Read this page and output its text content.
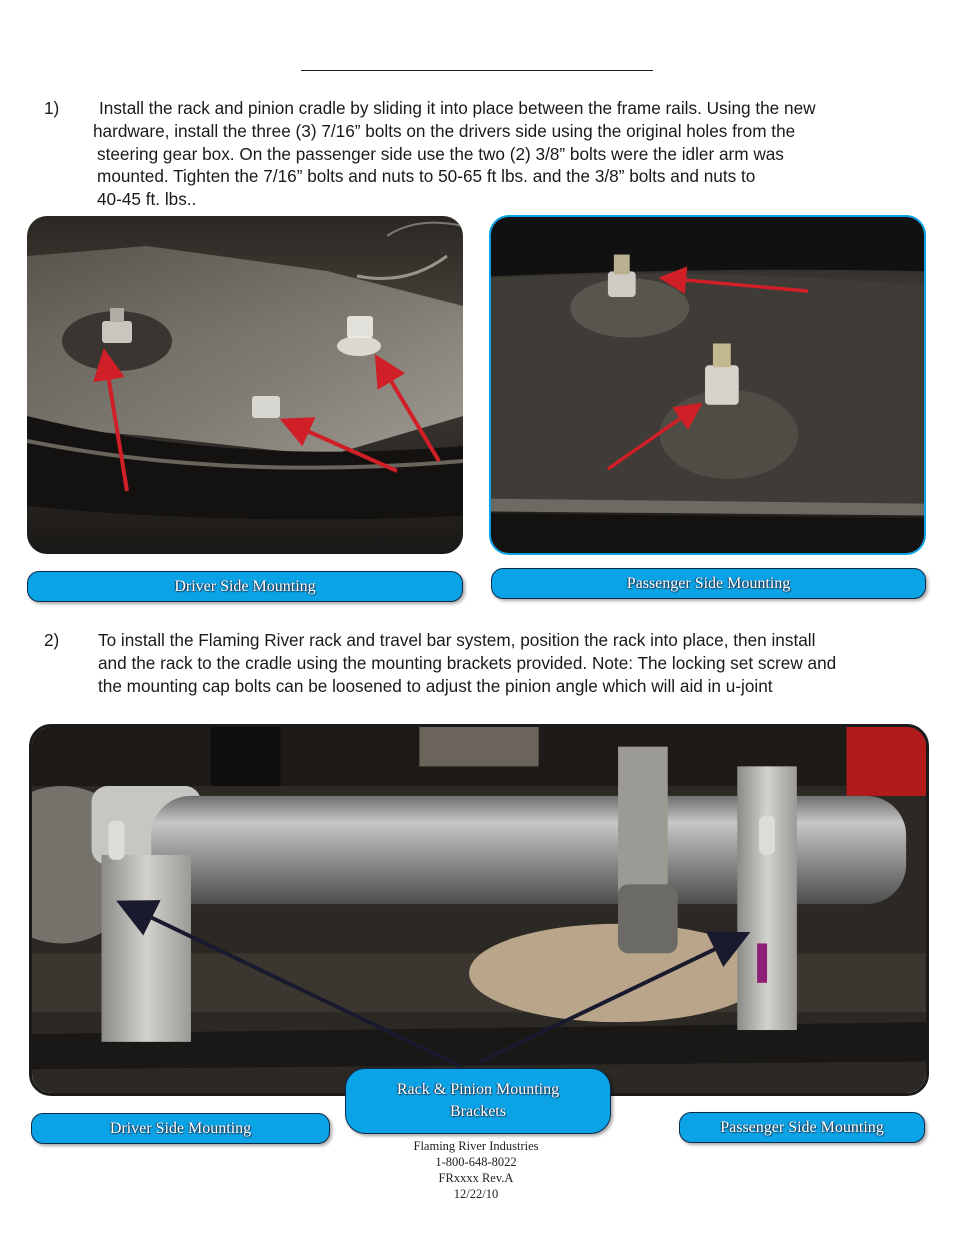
1) Install the rack and pinion cradle by sliding it into place between the frame rails. Using the new
hardware, install the three (3) 7/16” bolts on the drivers side using the original holes from the
steering gear box. On the passenger side use the two (2) 3/8” bolts were the idler arm was
mounted. Tighten the 7/16” bolts and nuts to 50-65 ft lbs. and the 3/8” bolts and nuts to
40-45 ft. lbs..
Driver Side Mounting	Passenger Side Mounting
2) To install the Flaming River rack and travel bar system, position the rack into place, then install
and the rack to the cradle using the mounting brackets provided. Note: The locking set screw and
the mounting cap bolts can be loosened to adjust the pinion angle which will aid in u-joint
Driver Side Mounting
Rack & Pinion Mounting Brackets
Passenger Side Mounting
Flaming River Industries
1-800-648-8022
FRxxxx Rev.A
12/22/10
